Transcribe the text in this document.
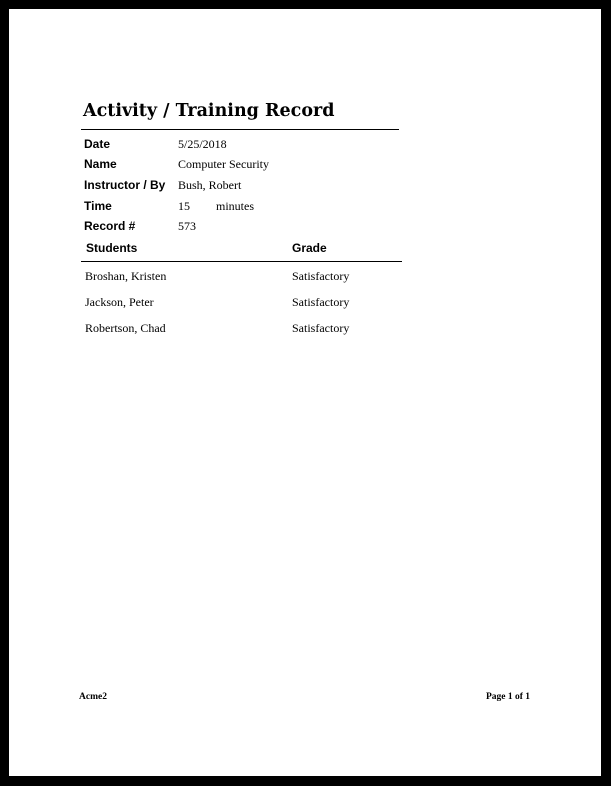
Activity / Training Record
Date	5/25/2018
Name	Computer Security
Instructor / By Bush, Robert
Time	15 minutes
Record #	573
Students	Grade
Broshan, Kristen	Satisfactory
Jackson, Peter	Satisfactory
Robertson, Chad	Satisfactory
Acme2	Page 1 of 1
